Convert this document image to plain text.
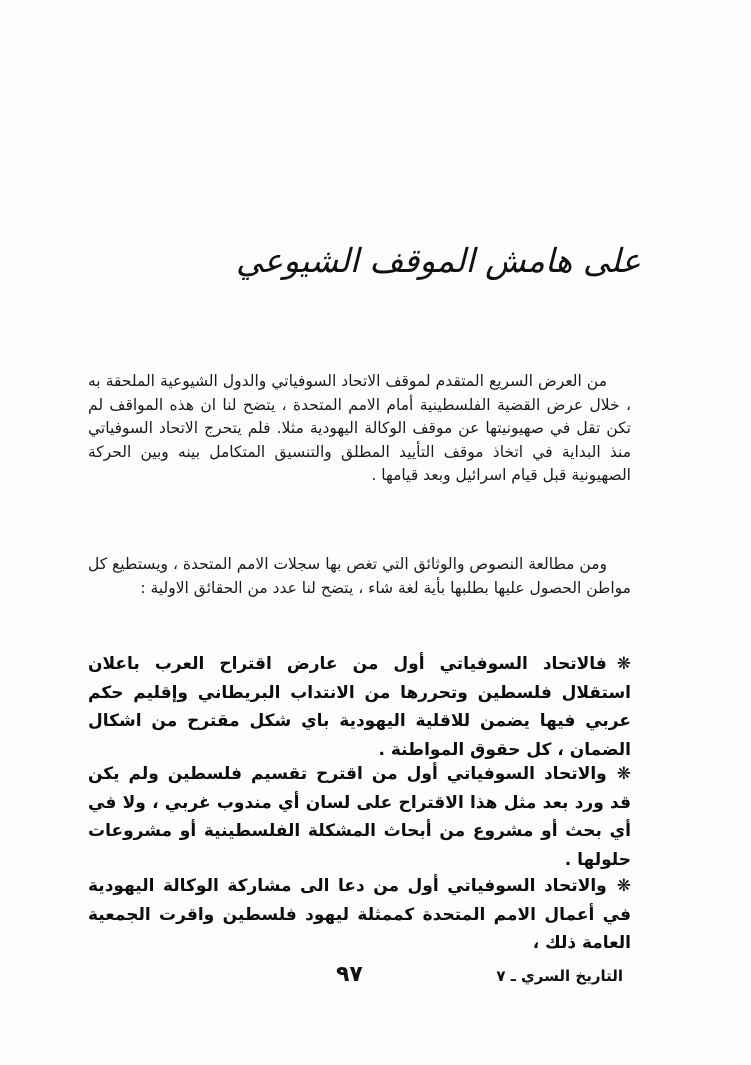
على هامش الموقف الشيوعي

من العرض السريع المتقدم لموقف الاتحاد السوفياتي والدول الشيوعية الملحقة به ، خلال عرض القضية الفلسطينية أمام الامم المتحدة ، يتضح لنا ان هذه المواقف لم تكن تقل في صهيونيتها عن موقف الوكالة اليهودية مثلا. فلم يتحرج الاتحاد السوفياتي منذ البداية في اتخاذ موقف التأييد المطلق والتنسيق المتكامل بينه وبين الحركة الصهيونية قبل قيام اسرائيل وبعد قيامها .

ومن مطالعة النصوص والوثائق التي تغص بها سجلات الامم المتحدة ، ويستطيع كل مواطن الحصول عليها بطلبها بأية لغة شاء ، يتضح لنا عدد من الحقائق الاولية :

❋فالاتحاد السوفياتي أول من عارض اقتراح العرب باعلان استقلال فلسطين وتحررها من الانتداب البريطاني وإقليم حكم عربي فيها يضمن للاقلية اليهودية باي شكل مقترح من اشكال الضمان ، كل حقوق المواطنة .

❋والاتحاد السوفياتي أول من اقترح تقسيم فلسطين ولم يكن قد ورد بعد مثل هذا الاقتراح على لسان أي مندوب غربي ، ولا في أي بحث أو مشروع من أبحاث المشكلة الفلسطينية أو مشروعات حلولها .

❋والاتحاد السوفياتي أول من دعا الى مشاركة الوكالة اليهودية في أعمال الامم المتحدة كممثلة ليهود فلسطين واقرت الجمعية العامة ذلك ،

٩٧	التاريخ السري ـ ٧
